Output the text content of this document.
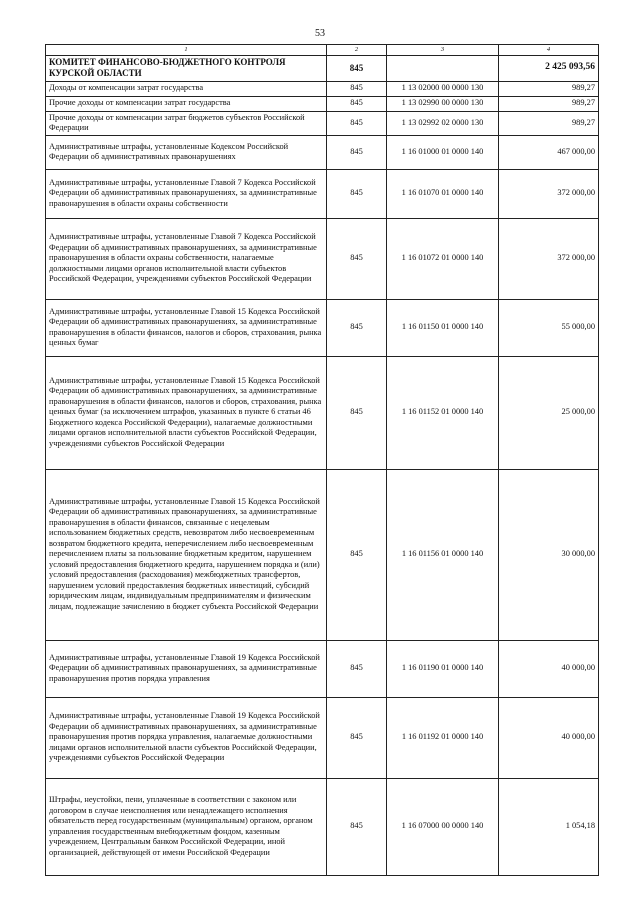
53
1	2	3	4
КОМИТЕТ ФИНАНСОВО-БЮДЖЕТНОГО КОНТРОЛЯ КУРСКОЙ ОБЛАСТИ	845		2 425 093,56
Доходы от компенсации затрат государства	845	1 13 02000 00 0000 130	989,27
Прочие доходы от компенсации затрат государства	845	1 13 02990 00 0000 130	989,27
Прочие доходы от компенсации затрат бюджетов субъектов Российской Федерации	845	1 13 02992 02 0000 130	989,27
Административные штрафы, установленные Кодексом Российской Федерации об административных правонарушениях	845	1 16 01000 01 0000 140	467 000,00
Административные штрафы, установленные Главой 7 Кодекса Российской Федерации об административных правонарушениях, за административные правонарушения в области охраны собственности	845	1 16 01070 01 0000 140	372 000,00
Административные штрафы, установленные Главой 7 Кодекса Российской Федерации об административных правонарушениях, за административные правонарушения в области охраны собственности, налагаемые должностными лицами органов исполнительной власти субъектов Российской Федерации, учреждениями субъектов Российской Федерации	845	1 16 01072 01 0000 140	372 000,00
Административные штрафы, установленные Главой 15 Кодекса Российской Федерации об административных правонарушениях, за административные правонарушения в области финансов, налогов и сборов, страхования, рынка ценных бумаг	845	1 16 01150 01 0000 140	55 000,00
Административные штрафы, установленные Главой 15 Кодекса Российской Федерации об административных правонарушениях, за административные правонарушения в области финансов, налогов и сборов, страхования, рынка ценных бумаг (за исключением штрафов, указанных в пункте 6 статьи 46 Бюджетного кодекса Российской Федерации), налагаемые должностными лицами органов исполнительной власти субъектов Российской Федерации, учреждениями субъектов Российской Федерации	845	1 16 01152 01 0000 140	25 000,00
Административные штрафы, установленные Главой 15 Кодекса Российской Федерации об административных правонарушениях, за административные правонарушения в области финансов, связанные с нецелевым использованием бюджетных средств, невозвратом либо несвоевременным возвратом бюджетного кредита, неперечислением либо несвоевременным перечислением платы за пользование бюджетным кредитом, нарушением условий предоставления бюджетного кредита, нарушением порядка и (или) условий предоставления (расходования) межбюджетных трансфертов, нарушением условий предоставления бюджетных инвестиций, субсидий юридическим лицам, индивидуальным предпринимателям и физическим лицам, подлежащие зачислению в бюджет субъекта Российской Федерации	845	1 16 01156 01 0000 140	30 000,00
Административные штрафы, установленные Главой 19 Кодекса Российской Федерации об административных правонарушениях, за административные правонарушения против порядка управления	845	1 16 01190 01 0000 140	40 000,00
Административные штрафы, установленные Главой 19 Кодекса Российской Федерации об административных правонарушениях, за административные правонарушения против порядка управления, налагаемые должностными лицами органов исполнительной власти субъектов Российской Федерации, учреждениями субъектов Российской Федерации	845	1 16 01192 01 0000 140	40 000,00
Штрафы, неустойки, пени, уплаченные в соответствии с законом или договором в случае неисполнения или ненадлежащего исполнения обязательств перед государственным (муниципальным) органом, органом управления государственным внебюджетным фондом, казенным учреждением, Центральным банком Российской Федерации, иной организацией, действующей от имени Российской Федерации	845	1 16 07000 00 0000 140	1 054,18
